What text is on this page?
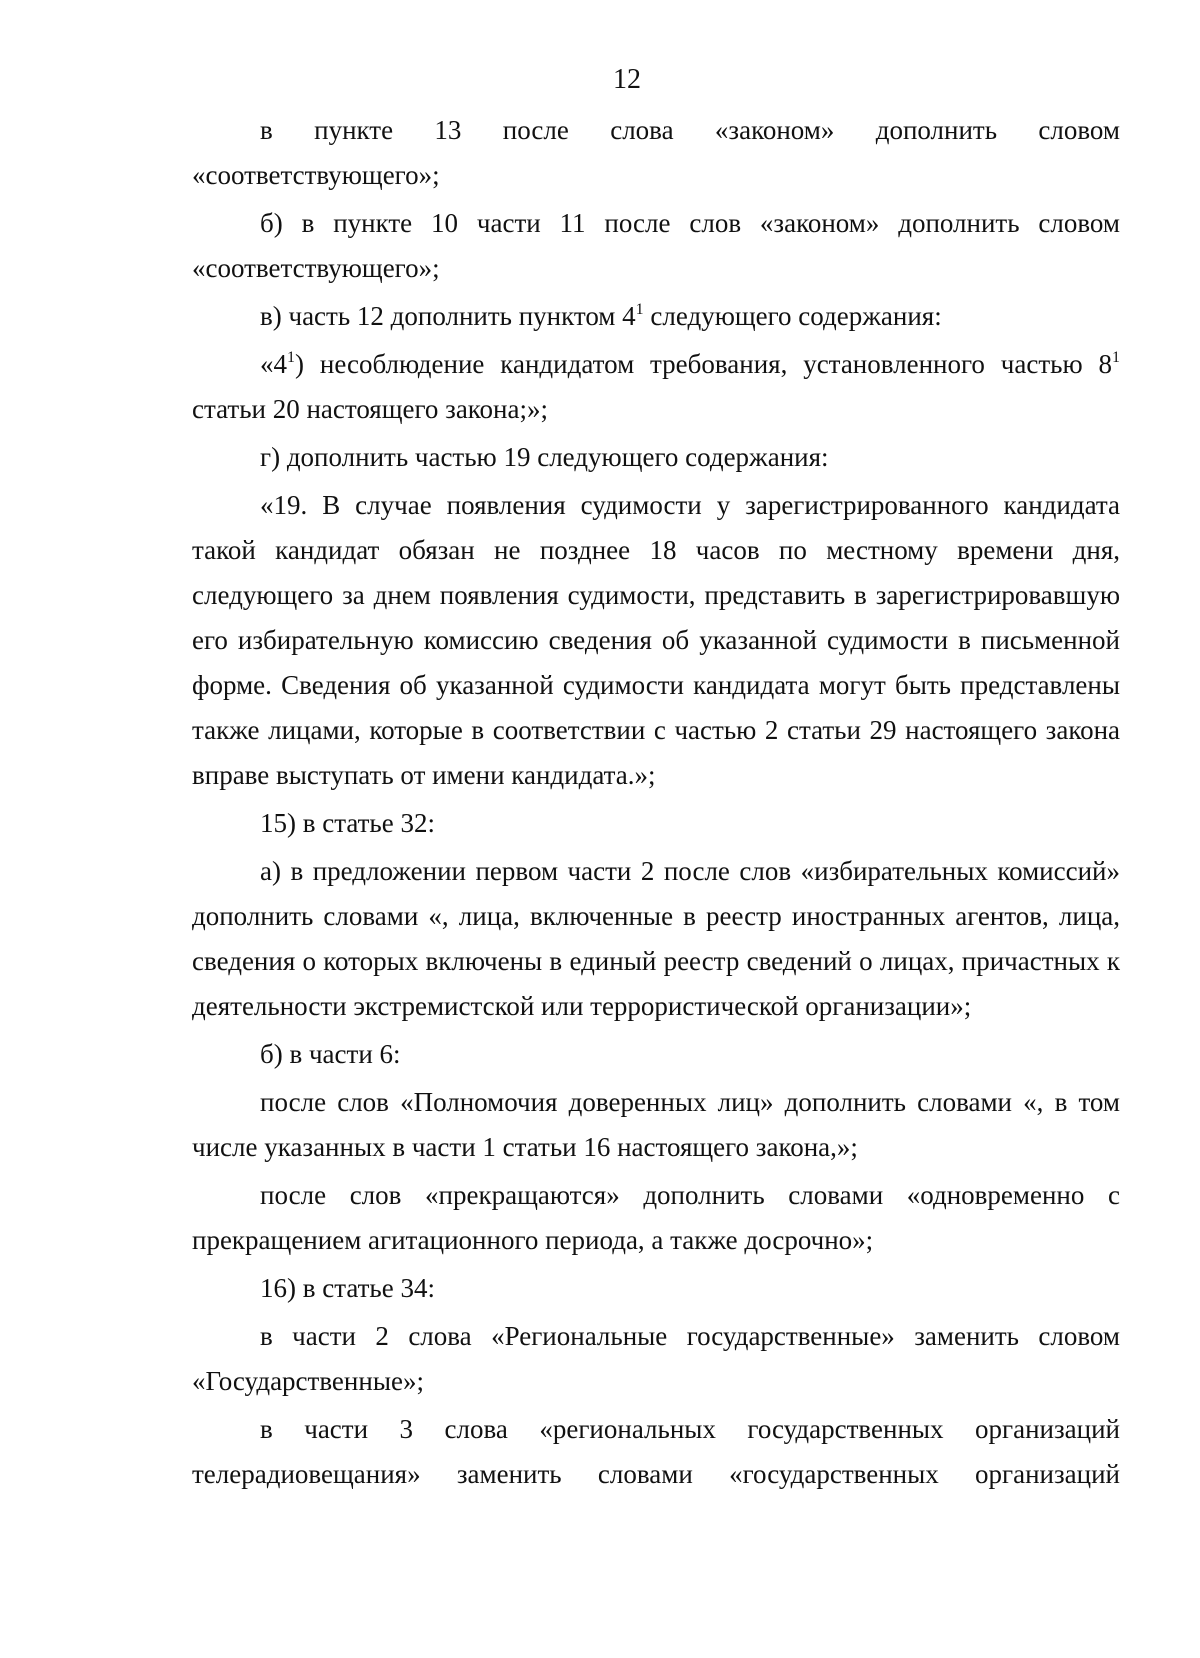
12

в пункте 13 после слова «законом» дополнить словом «соответствующего»;

б) в пункте 10 части 11 после слов «законом» дополнить словом «соответствующего»;

в) часть 12 дополнить пунктом $4^1$ следующего содержания:

«$4^1$) несоблюдение кандидатом требования, установленного частью $8^1$ статьи 20 настоящего закона;»;

г) дополнить частью 19 следующего содержания:

«19. В случае появления судимости у зарегистрированного кандидата такой кандидат обязан не позднее 18 часов по местному времени дня, следующего за днем появления судимости, представить в зарегистрировавшую его избирательную комиссию сведения об указанной судимости в письменной форме. Сведения об указанной судимости кандидата могут быть представлены также лицами, которые в соответствии с частью 2 статьи 29 настоящего закона вправе выступать от имени кандидата.»;

15) в статье 32:

а) в предложении первом части 2 после слов «избирательных комиссий» дополнить словами «, лица, включенные в реестр иностранных агентов, лица, сведения о которых включены в единый реестр сведений о лицах, причастных к деятельности экстремистской или террористической организации»;

б) в части 6:

после слов «Полномочия доверенных лиц» дополнить словами «, в том числе указанных в части 1 статьи 16 настоящего закона,»;

после слов «прекращаются» дополнить словами «одновременно с прекращением агитационного периода, а также досрочно»;

16) в статье 34:

в части 2 слова «Региональные государственные» заменить словом «Государственные»;

в части 3 слова «региональных государственных организаций телерадиовещания» заменить словами «государственных организаций
